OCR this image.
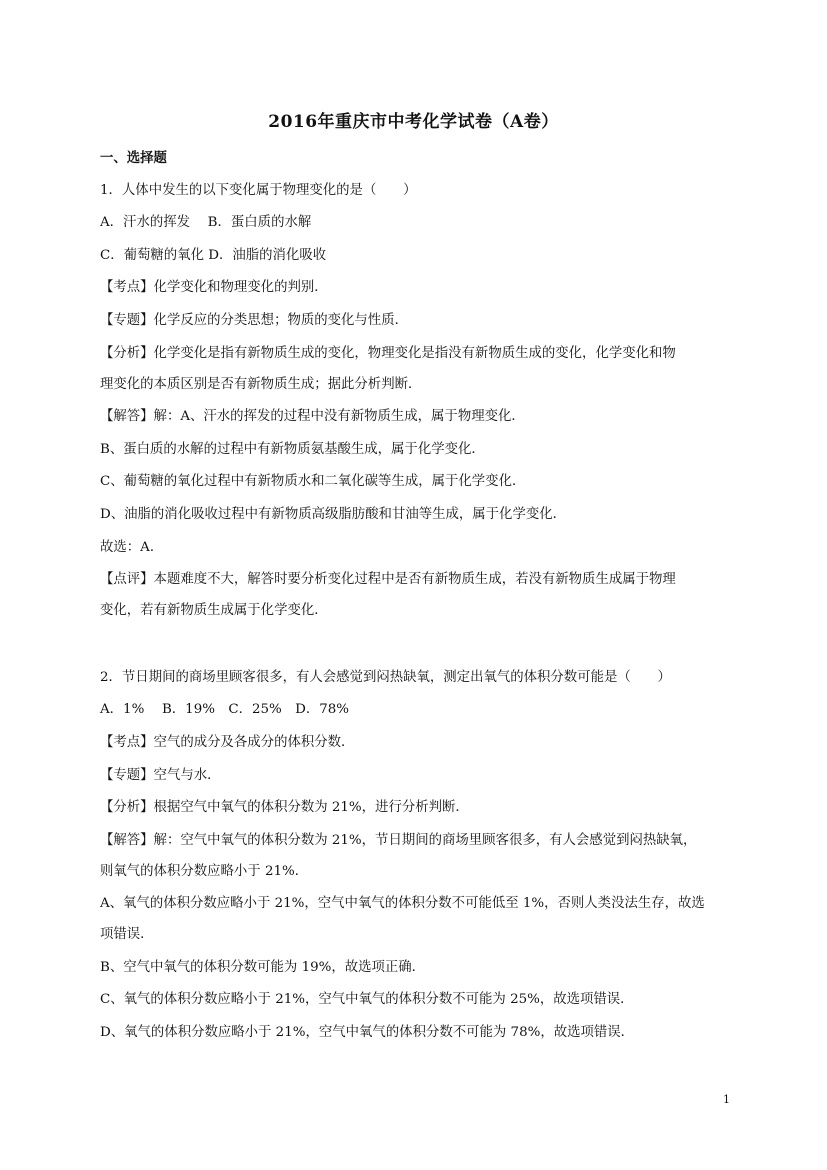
2016年重庆市中考化学试卷（A卷）
一、选择题
1．人体中发生的以下变化属于物理变化的是（　　）
A．汗水的挥发　 B．蛋白质的水解
C．葡萄糖的氧化 D．油脂的消化吸收
【考点】化学变化和物理变化的判别．
【专题】化学反应的分类思想；物质的变化与性质．
【分析】化学变化是指有新物质生成的变化，物理变化是指没有新物质生成的变化，化学变化和物
理变化的本质区别是否有新物质生成；据此分析判断．
【解答】解：A、汗水的挥发的过程中没有新物质生成，属于物理变化．
B、蛋白质的水解的过程中有新物质氨基酸生成，属于化学变化．
C、葡萄糖的氧化过程中有新物质水和二氧化碳等生成，属于化学变化．
D、油脂的消化吸收过程中有新物质高级脂肪酸和甘油等生成，属于化学变化．
故选：A．
【点评】本题难度不大，解答时要分析变化过程中是否有新物质生成，若没有新物质生成属于物理
变化，若有新物质生成属于化学变化．
2．节日期间的商场里顾客很多，有人会感觉到闷热缺氧，测定出氧气的体积分数可能是（　　）
A．1%　 B．19%　C．25%　D．78%
【考点】空气的成分及各成分的体积分数．
【专题】空气与水．
【分析】根据空气中氧气的体积分数为 21%，进行分析判断．
【解答】解：空气中氧气的体积分数为 21%，节日期间的商场里顾客很多，有人会感觉到闷热缺氧，
则氧气的体积分数应略小于 21%．
A、氧气的体积分数应略小于 21%，空气中氧气的体积分数不可能低至 1%，否则人类没法生存，故选
项错误．
B、空气中氧气的体积分数可能为 19%，故选项正确．
C、氧气的体积分数应略小于 21%，空气中氧气的体积分数不可能为 25%，故选项错误．
D、氧气的体积分数应略小于 21%，空气中氧气的体积分数不可能为 78%，故选项错误．
1
